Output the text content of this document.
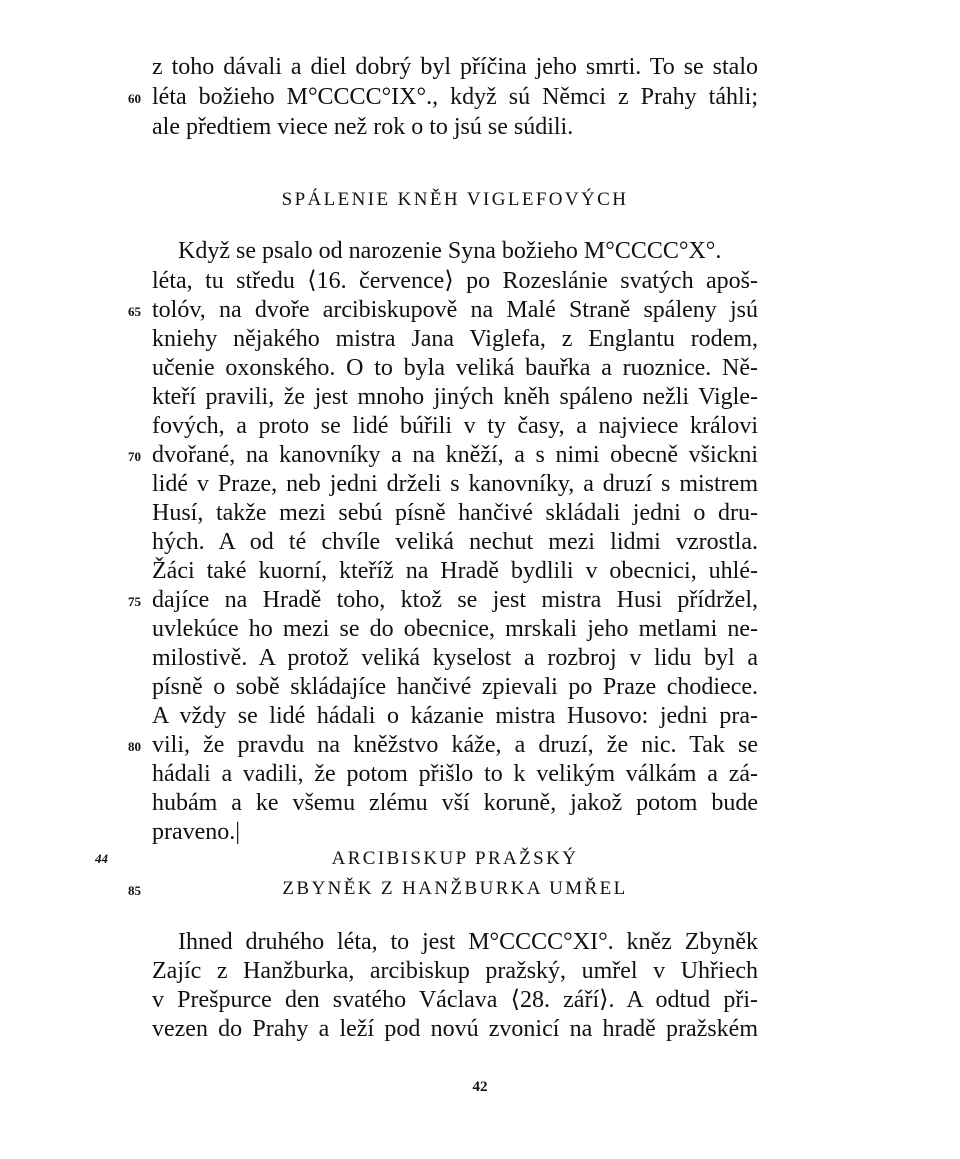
z toho dávali a diel dobrý byl příčina jeho smrti. To se stalo
léta božieho M°CCCC°IX°., když sú Němci z Prahy táhli;
ale předtiem viece než rok o to jsú se súdili.
60
SPÁLENIE KNĚH VIGLEFOVÝCH
Když se psalo od narozenie Syna božieho M°CCCC°X°.
léta, tu středu ⟨16. července⟩ po Rozeslánie svatých apoš-
tolóv, na dvoře arcibiskupově na Malé Straně spáleny jsú
kniehy nějakého mistra Jana Viglefa, z Englantu rodem,
učenie oxonského. O to byla veliká bauřka a ruoznice. Ně-
kteří pravili, že jest mnoho jiných kněh spáleno nežli Vigle-
fových, a proto se lidé búřili v ty časy, a najviece královi
dvořané, na kanovníky a na kněží, a s nimi obecně všickni
lidé v Praze, neb jedni drželi s kanovníky, a druzí s mistrem
Husí, takže mezi sebú písně hančivé skládali jedni o dru-
hých. A od té chvíle veliká nechut mezi lidmi vzrostla.
Žáci také kuorní, kteříž na Hradě bydlili v obecnici, uhlé-
dajíce na Hradě toho, ktož se jest mistra Husi přídržel,
uvlekúce ho mezi se do obecnice, mrskali jeho metlami ne-
milostivě. A protož veliká kyselost a rozbroj v lidu byl a
písně o sobě skládajíce hančivé zpievali po Praze chodiece.
A vždy se lidé hádali o kázanie mistra Husovo: jedni pra-
vili, že pravdu na kněžstvo káže, a druzí, že nic. Tak se
hádali a vadili, že potom přišlo to k velikým válkám a zá-
hubám a ke všemu zlému vší koruně, jakož potom bude
praveno.|
65
70
75
80
44	ARCIBISKUP PRAŽSKÝ
ZBYNĚK Z HANŽBURKA UMŘEL
85
Ihned druhého léta, to jest M°CCCC°XI°. kněz Zbyněk
Zajíc z Hanžburka, arcibiskup pražský, umřel v Uhřiech
v Prešpurce den svatého Václava ⟨28. září⟩. A odtud při-
vezen do Prahy a leží pod novú zvonicí na hradě pražském
42
